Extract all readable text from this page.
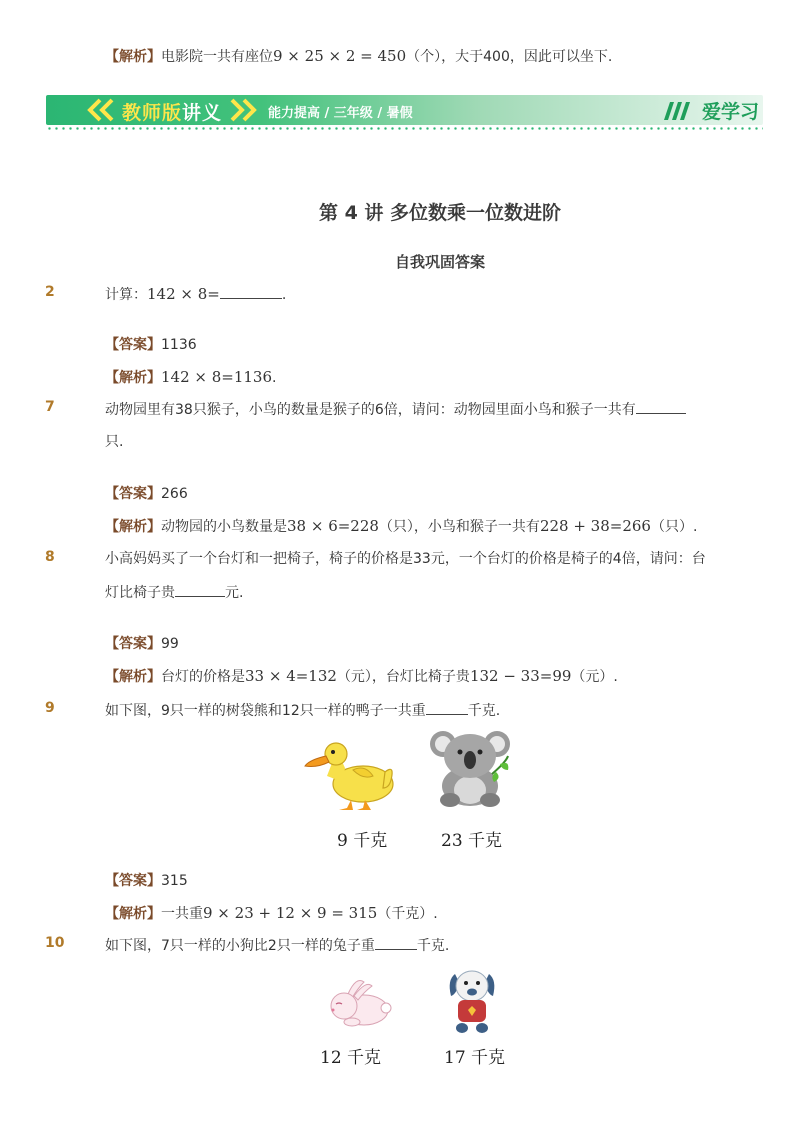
【解析】电影院一共有座位9 × 25 × 2 = 450（个），大于400，因此可以坐下.
教师版讲义	能力提高 / 三年级 / 暑假	爱学习
第 4 讲 多位数乘一位数进阶
自我巩固答案
2	计算：142 × 8=	.
【答案】1136
【解析】142 × 8=1136.
7	动物园里有38只猴子，小鸟的数量是猴子的6倍，请问：动物园里面小鸟和猴子一共有
只.
【答案】266
【解析】动物园的小鸟数量是38 × 6=228（只），小鸟和猴子一共有228 + 38=266（只）.
8	小高妈妈买了一个台灯和一把椅子，椅子的价格是33元，一个台灯的价格是椅子的4倍，请问：台
灯比椅子贵	元.
【答案】99
【解析】台灯的价格是33 × 4=132（元），台灯比椅子贵132 − 33=99（元）.
9	如下图，9只一样的树袋熊和12只一样的鸭子一共重	千克.
9 千克	23 千克
【答案】315
【解析】一共重9 × 23 + 12 × 9 = 315（千克）.
10	如下图，7只一样的小狗比2只一样的兔子重	千克.
12 千克	17 千克
